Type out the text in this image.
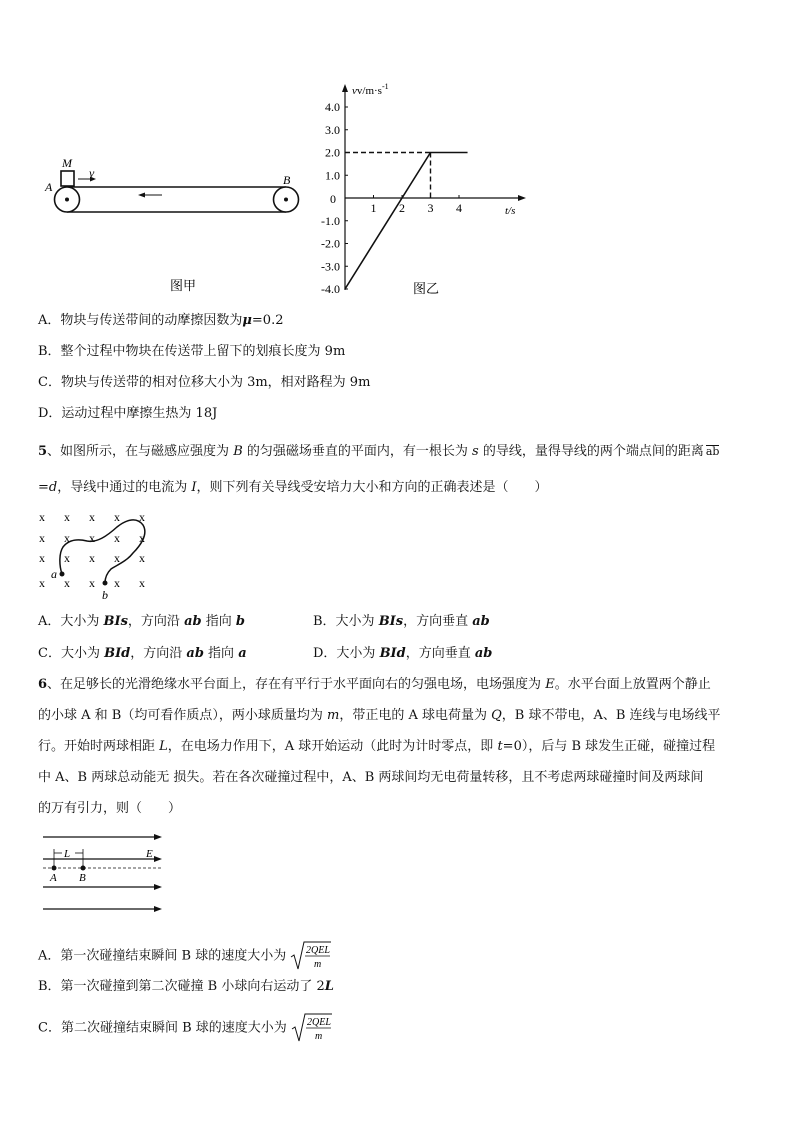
M
v
A	B
图甲
$vv/m\cdot s^{-1}$
t/s
0
4.0
3.0
2.0
1.0
-1.0
-2.0
-3.0
-4.0
1 2 3 4
图乙
A．物块与传送带间的动摩擦因数为μ=0.2
B．整个过程中物块在传送带上留下的划痕长度为 9m
C．物块与传送带的相对位移大小为 3m，相对路程为 9m
D．运动过程中摩擦生热为 18J
5、如图所示，在与磁感应强度为 B 的匀强磁场垂直的平面内，有一根长为 s 的导线，量得导线的两个端点间的距离 ab
=d，导线中通过的电流为 I，则下列有关导线受安培力大小和方向的正确表述是（　　）
x x x x x
x x x x x
x x x x x
x x x x x
a
b
A．大小为 BIs，方向沿 ab 指向 b	B．大小为 BIs，方向垂直 ab
C．大小为 BId，方向沿 ab 指向 a	D．大小为 BId，方向垂直 ab
6、在足够长的光滑绝缘水平台面上，存在有平行于水平面向右的匀强电场，电场强度为 E。水平台面上放置两个静止
的小球 A 和 B（均可看作质点），两小球质量均为 m，带正电的 A 球电荷量为 Q，B 球不带电，A、B 连线与电场线平
行。开始时两球相距 L，在电场力作用下，A 球开始运动（此时为计时零点，即 t=0），后与 B 球发生正碰，碰撞过程
中 A、B 两球总动能无 损失。若在各次碰撞过程中，A、B 两球间均无电荷量转移，且不考虑两球碰撞时间及两球间
的万有引力，则（　　）
L	E
A B
A．第一次碰撞结束瞬间 B 球的速度大小为 2QEL
m
B．第一次碰撞到第二次碰撞 B 小球向右运动了 2L
C．第二次碰撞结束瞬间 B 球的速度大小为 2QEL
m
